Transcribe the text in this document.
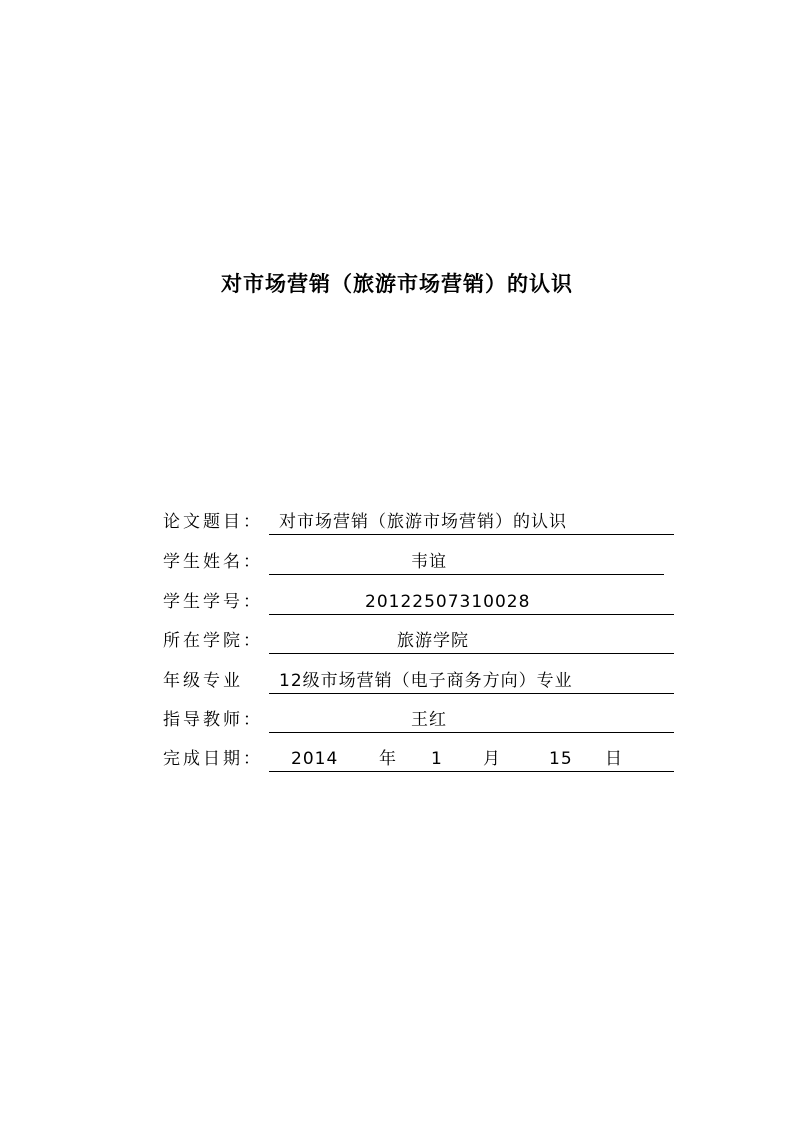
对市场营销（旅游市场营销）的认识
论文题目： 对市场营销（旅游市场营销）的认识
学生姓名：	韦谊
学生学号：	20122507310028
所在学院：	旅游学院
年级专业 12级市场营销（电子商务方向）专业
指导教师：	王红
完成日期： 2014 年 1 月	15 日
